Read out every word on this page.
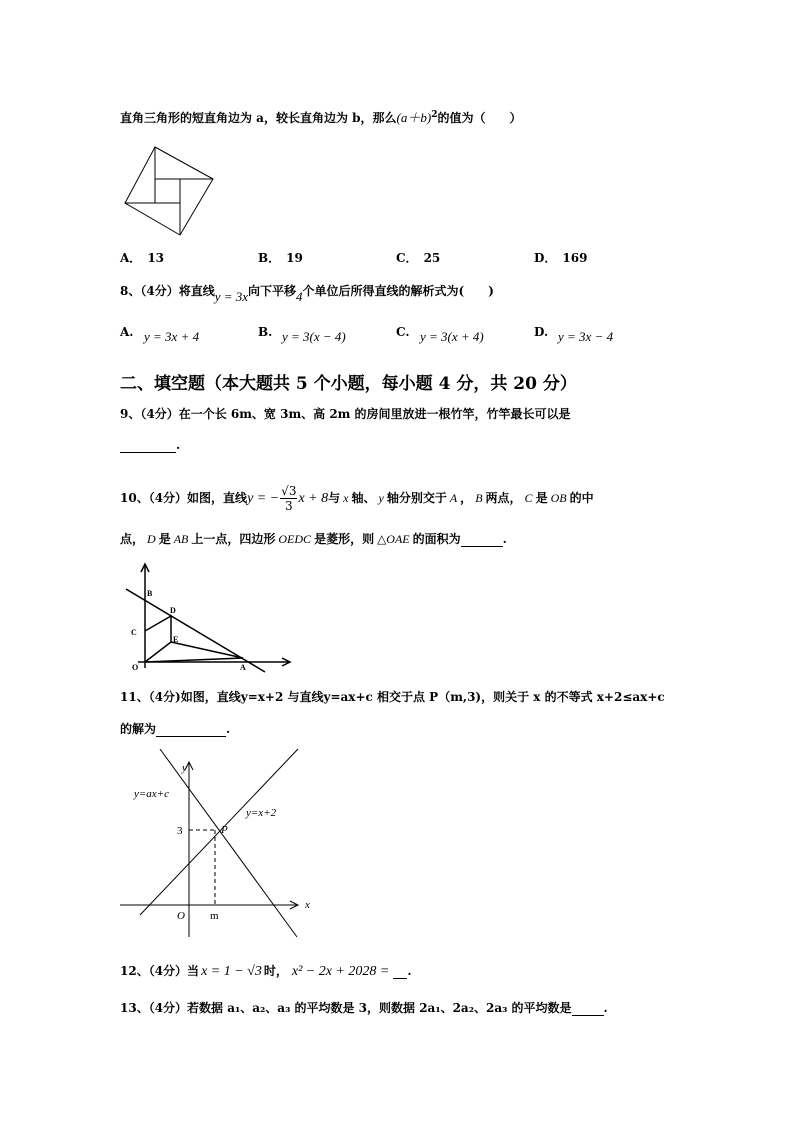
直角三角形的短直角边为 a，较长直角边为 b，那么$(a+b)^2$的值为（　　）
A． 13	B． 19	C． 25	D． 169
8、（4分）将直线y = 3x向下平移4个单位后所得直线的解析式为(　　)
A. y = 3x + 4	B. y = 3(x − 4)	C. y = 3(x + 4)	D. y = 3x − 4
二、填空题（本大题共 5 个小题，每小题 4 分，共 20 分）
9、（4分）在一个长 6m、宽 3m、高 2m 的房间里放进一根竹竿，竹竿最长可以是
.
10、（4分）如图，直线y = − $\frac{√3}{3}$ x + 8与 x 轴、 y 轴分别交于 A ， B 两点， C 是 OB 的中
点， D 是 AB 上一点，四边形 OEDC 是菱形，则 △OAE 的面积为	.
B
D
C
E
O	A
11、（4分)如图，直线y=x+2 与直线y=ax+c 相交于点 P（m,3)，则关于 x 的不等式 x+2≤ax+c
的解为	.
y
x
O m
3	P
y=ax+c
y=x+2
12、（4分）当 x = 1 − √3 时， x² − 2x + 2028 = .
13、（4分）若数据 a₁、a₂、a₃ 的平均数是 3，则数据 2a₁、2a₂、2a₃ 的平均数是	.
